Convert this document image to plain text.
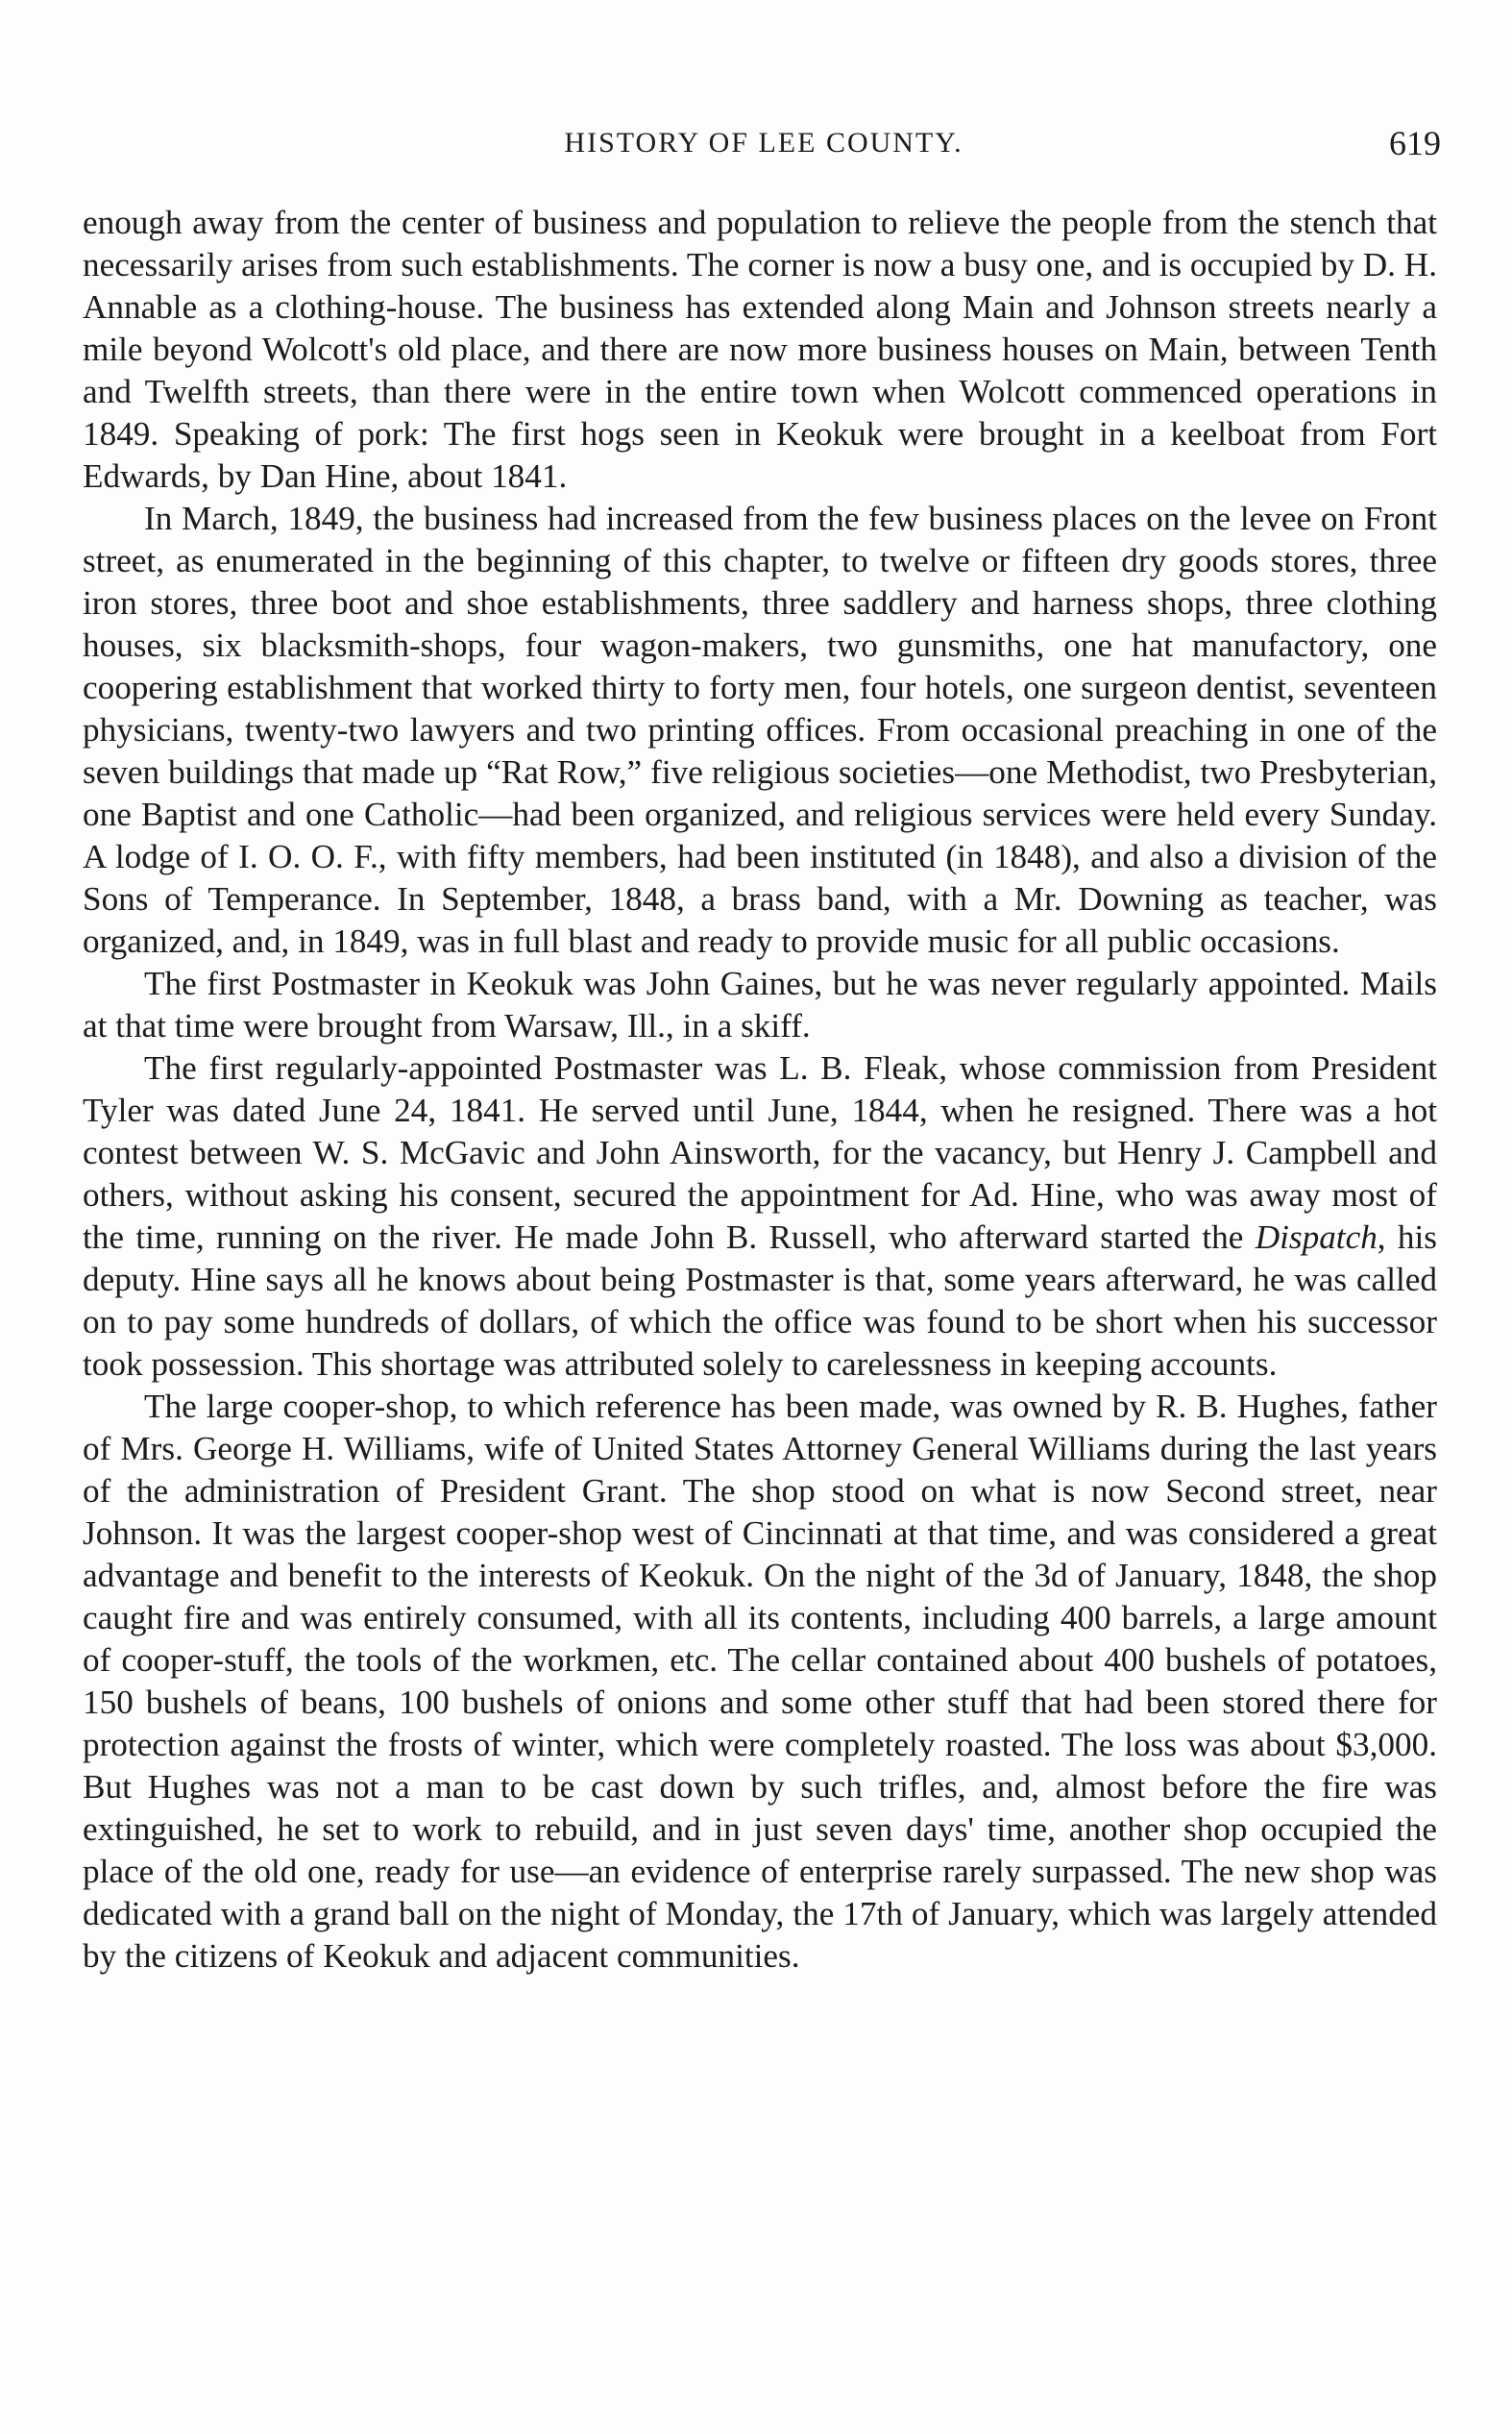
HISTORY OF LEE COUNTY.	619

enough away from the center of business and population to relieve the people from the stench that necessarily arises from such establishments. The corner is now a busy one, and is occupied by D. H. Annable as a clothing-house. The business has extended along Main and Johnson streets nearly a mile beyond Wolcott's old place, and there are now more business houses on Main, between Tenth and Twelfth streets, than there were in the entire town when Wolcott commenced operations in 1849. Speaking of pork: The first hogs seen in Keokuk were brought in a keelboat from Fort Edwards, by Dan Hine, about 1841.

In March, 1849, the business had increased from the few business places on the levee on Front street, as enumerated in the beginning of this chapter, to twelve or fifteen dry goods stores, three iron stores, three boot and shoe establishments, three saddlery and harness shops, three clothing houses, six blacksmith-shops, four wagon-makers, two gunsmiths, one hat manufactory, one coopering establishment that worked thirty to forty men, four hotels, one surgeon dentist, seventeen physicians, twenty-two lawyers and two printing offices. From occasional preaching in one of the seven buildings that made up “Rat Row,” five religious societies—one Methodist, two Presbyterian, one Baptist and one Catholic—had been organized, and religious services were held every Sunday. A lodge of I. O. O. F., with fifty members, had been instituted (in 1848), and also a division of the Sons of Temperance. In September, 1848, a brass band, with a Mr. Downing as teacher, was organized, and, in 1849, was in full blast and ready to provide music for all public occasions.

The first Postmaster in Keokuk was John Gaines, but he was never regularly appointed. Mails at that time were brought from Warsaw, Ill., in a skiff.

The first regularly-appointed Postmaster was L. B. Fleak, whose commission from President Tyler was dated June 24, 1841. He served until June, 1844, when he resigned. There was a hot contest between W. S. McGavic and John Ainsworth, for the vacancy, but Henry J. Campbell and others, without asking his consent, secured the appointment for Ad. Hine, who was away most of the time, running on the river. He made John B. Russell, who afterward started the Dispatch, his deputy. Hine says all he knows about being Postmaster is that, some years afterward, he was called on to pay some hundreds of dollars, of which the office was found to be short when his successor took possession. This shortage was attributed solely to carelessness in keeping accounts.

The large cooper-shop, to which reference has been made, was owned by R. B. Hughes, father of Mrs. George H. Williams, wife of United States Attorney General Williams during the last years of the administration of President Grant. The shop stood on what is now Second street, near Johnson. It was the largest cooper-shop west of Cincinnati at that time, and was considered a great advantage and benefit to the interests of Keokuk. On the night of the 3d of January, 1848, the shop caught fire and was entirely consumed, with all its contents, including 400 barrels, a large amount of cooper-stuff, the tools of the workmen, etc. The cellar contained about 400 bushels of potatoes, 150 bushels of beans, 100 bushels of onions and some other stuff that had been stored there for protection against the frosts of winter, which were completely roasted. The loss was about $3,000. But Hughes was not a man to be cast down by such trifles, and, almost before the fire was extinguished, he set to work to rebuild, and in just seven days' time, another shop occupied the place of the old one, ready for use—an evidence of enterprise rarely surpassed. The new shop was dedicated with a grand ball on the night of Monday, the 17th of January, which was largely attended by the citizens of Keokuk and adjacent communities.
